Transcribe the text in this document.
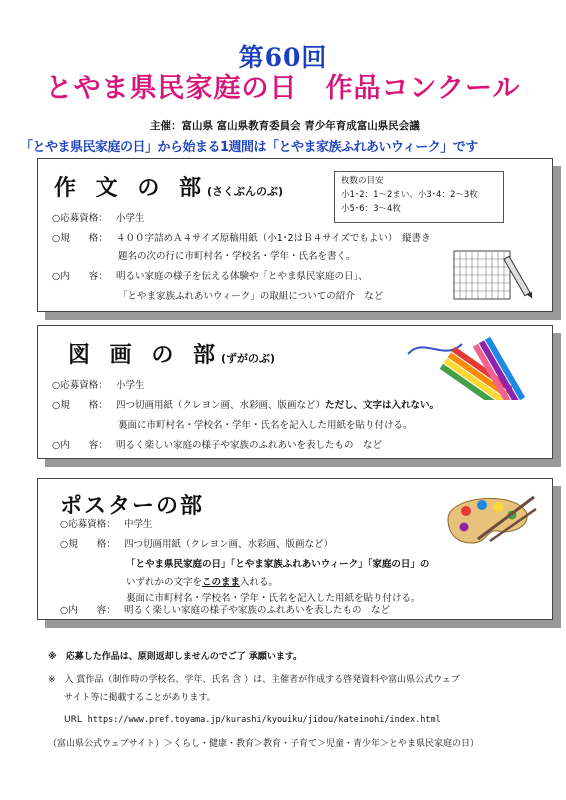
第60回
とやま県民家庭の日　作品コンクール
主催：富山県 富山県教育委員会 青少年育成富山県民会議
「とやま県民家庭の日」から始まる1週間は「とやま家族ふれあいウィーク」です
作 文 の 部(さくぶんのぶ)
枚数の目安
小1･2：1～2まい、小3･4：2～3枚
小5･6：3～4枚
○応募資格： 小学生
○規　　格： ４００字詰めＡ４サイズ原稿用紙（小1･2はＢ４サイズでもよい）　縦書き
題名の次の行に市町村名・学校名・学年・氏名を書く。
○内　　容： 明るい家庭の様子を伝える体験や「とやま県民家庭の日」、
「とやま家族ふれあいウィーク」の取組についての紹介　など
図 画 の 部(ずがのぶ)
○応募資格： 小学生
○規　　格： 四つ切画用紙（クレヨン画、水彩画、版画など）ただし、文字は入れない。
裏面に市町村名・学校名・学年・氏名を記入した用紙を貼り付ける。
○内　　容： 明るく楽しい家庭の様子や家族のふれあいを表したもの　など
ポスターの部
○応募資格： 中学生
○規　　格： 四つ切画用紙（クレヨン画、水彩画、版画など）
「とやま県民家庭の日」「とやま家族ふれあいウィーク」「家庭の日」の
いずれかの文字をこのまま入れる。
裏面に市町村名・学校名・学年・氏名を記入した用紙を貼り付ける。
○内　　容： 明るく楽しい家庭の様子や家族のふれあいを表したもの　など
※　応募した作品は、原則返却しませんのでご了 承願います。
※　入 賞作品（制作時の学校名、学年、氏名 含 ）は、主催者が作成する啓発資料や富山県公式ウェブ
サイト等に掲載することがあります。
URL https://www.pref.toyama.jp/kurashi/kyouiku/jidou/kateinohi/index.html
（富山県公式ウェブサイト）＞くらし・健康・教育＞教育・子育て＞児童・青少年＞とやま県民家庭の日）
